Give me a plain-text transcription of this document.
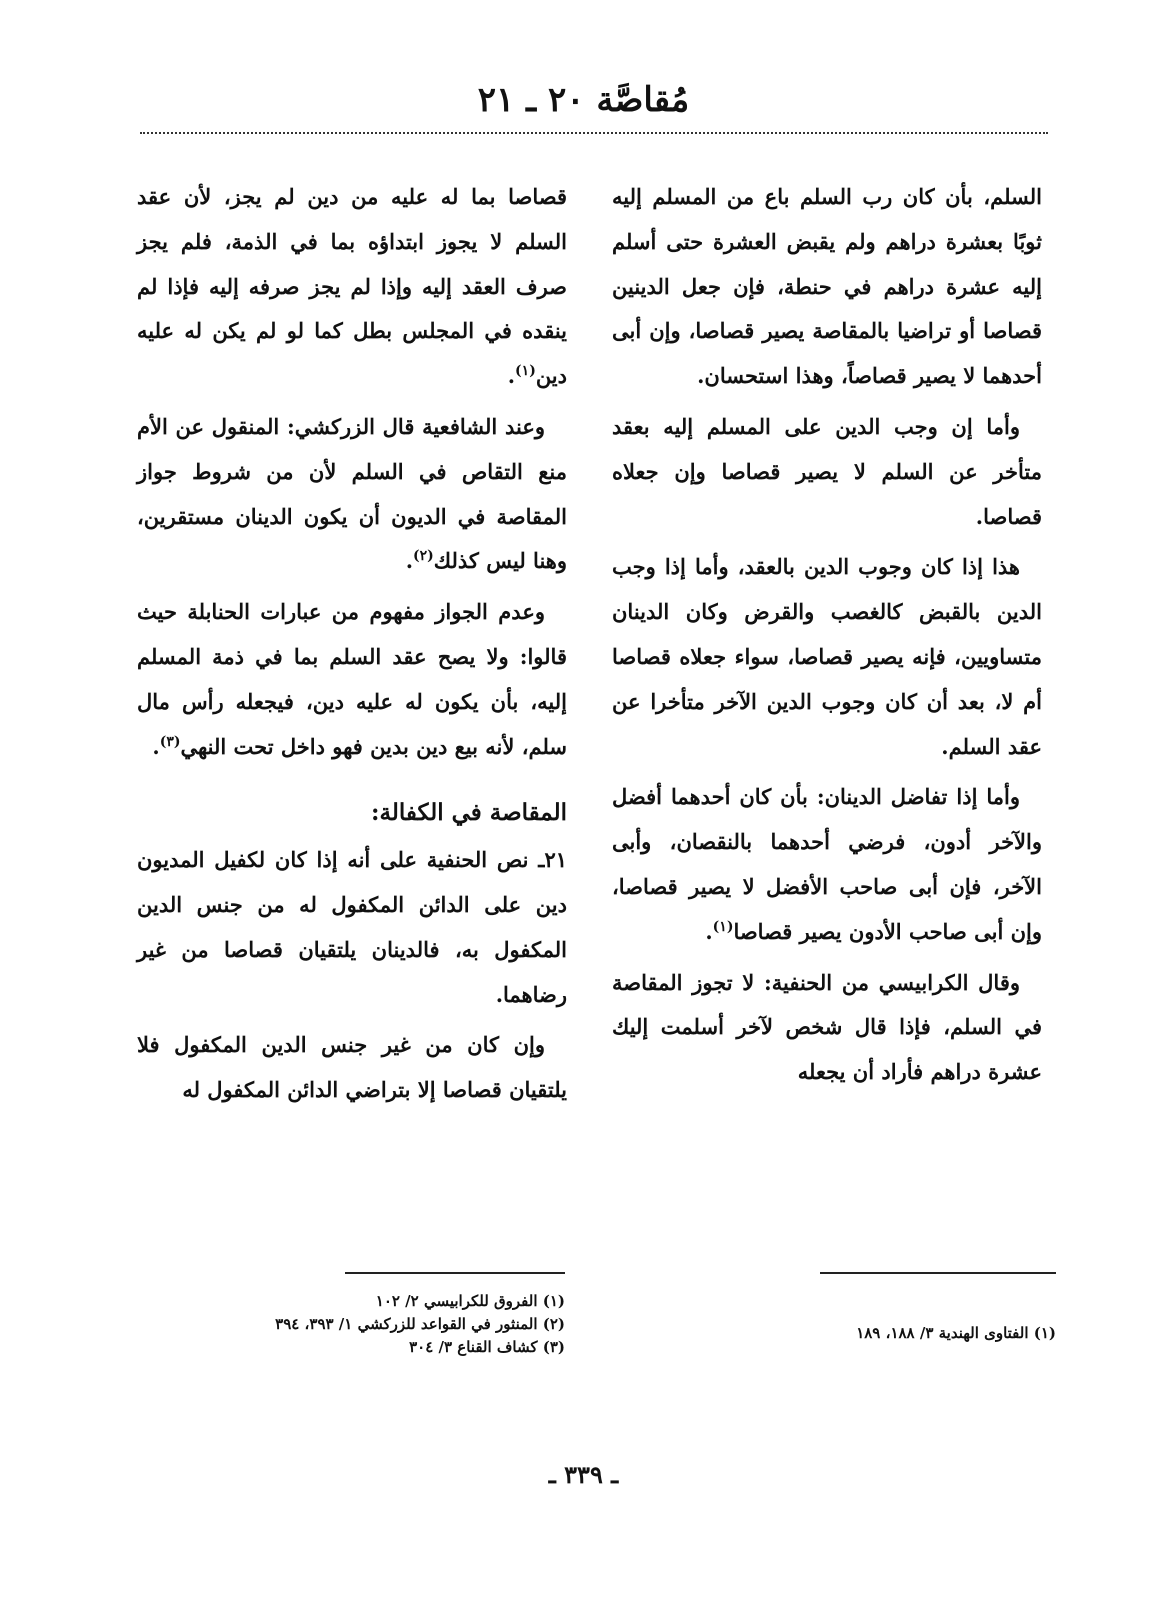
مُقاصَّة ٢٠ ـ ٢١

السلم، بأن كان رب السلم باع من المسلم إليه ثوبًا بعشرة دراهم ولم يقبض العشرة حتى أسلم إليه عشرة دراهم في حنطة، فإن جعل الدينين قصاصا أو تراضيا بالمقاصة يصير قصاصا، وإن أبى أحدهما لا يصير قصاصاً، وهذا استحسان.

وأما إن وجب الدين على المسلم إليه بعقد متأخر عن السلم لا يصير قصاصا وإن جعلاه قصاصا.

هذا إذا كان وجوب الدين بالعقد، وأما إذا وجب الدين بالقبض كالغصب والقرض وكان الدينان متساويين، فإنه يصير قصاصا، سواء جعلاه قصاصا أم لا، بعد أن كان وجوب الدين الآخر متأخرا عن عقد السلم.

وأما إذا تفاضل الدينان: بأن كان أحدهما أفضل والآخر أدون، فرضي أحدهما بالنقصان، وأبى الآخر، فإن أبى صاحب الأفضل لا يصير قصاصا، وإن أبى صاحب الأدون يصير قصاصا$^{(١)}$.

وقال الكرابيسي من الحنفية: لا تجوز المقاصة في السلم، فإذا قال شخص لآخر أسلمت إليك عشرة دراهم فأراد أن يجعله

قصاصا بما له عليه من دين لم يجز، لأن عقد السلم لا يجوز ابتداؤه بما في الذمة، فلم يجز صرف العقد إليه وإذا لم يجز صرفه إليه فإذا لم ينقده في المجلس بطل كما لو لم يكن له عليه دين$^{(١)}$.

وعند الشافعية قال الزركشي: المنقول عن الأم منع التقاص في السلم لأن من شروط جواز المقاصة في الديون أن يكون الدينان مستقرين، وهنا ليس كذلك$^{(٢)}$.

وعدم الجواز مفهوم من عبارات الحنابلة حيث قالوا: ولا يصح عقد السلم بما في ذمة المسلم إليه، بأن يكون له عليه دين، فيجعله رأس مال سلم، لأنه بيع دين بدين فهو داخل تحت النهي$^{(٣)}$.

المقاصة في الكفالة:

٢١ـ نص الحنفية على أنه إذا كان لكفيل المديون دين على الدائن المكفول له من جنس الدين المكفول به، فالدينان يلتقيان قصاصا من غير رضاهما.

وإن كان من غير جنس الدين المكفول فلا يلتقيان قصاصا إلا بتراضي الدائن المكفول له

(١) الفتاوى الهندية ٣/ ١٨٨، ١٨٩
(١) الفروق للكرابيسي ٢/ ١٠٢
(٢) المنثور في القواعد للزركشي ١/ ٣٩٣، ٣٩٤
(٣) كشاف القناع ٣/ ٣٠٤
ـ ٣٣٩ ـ
